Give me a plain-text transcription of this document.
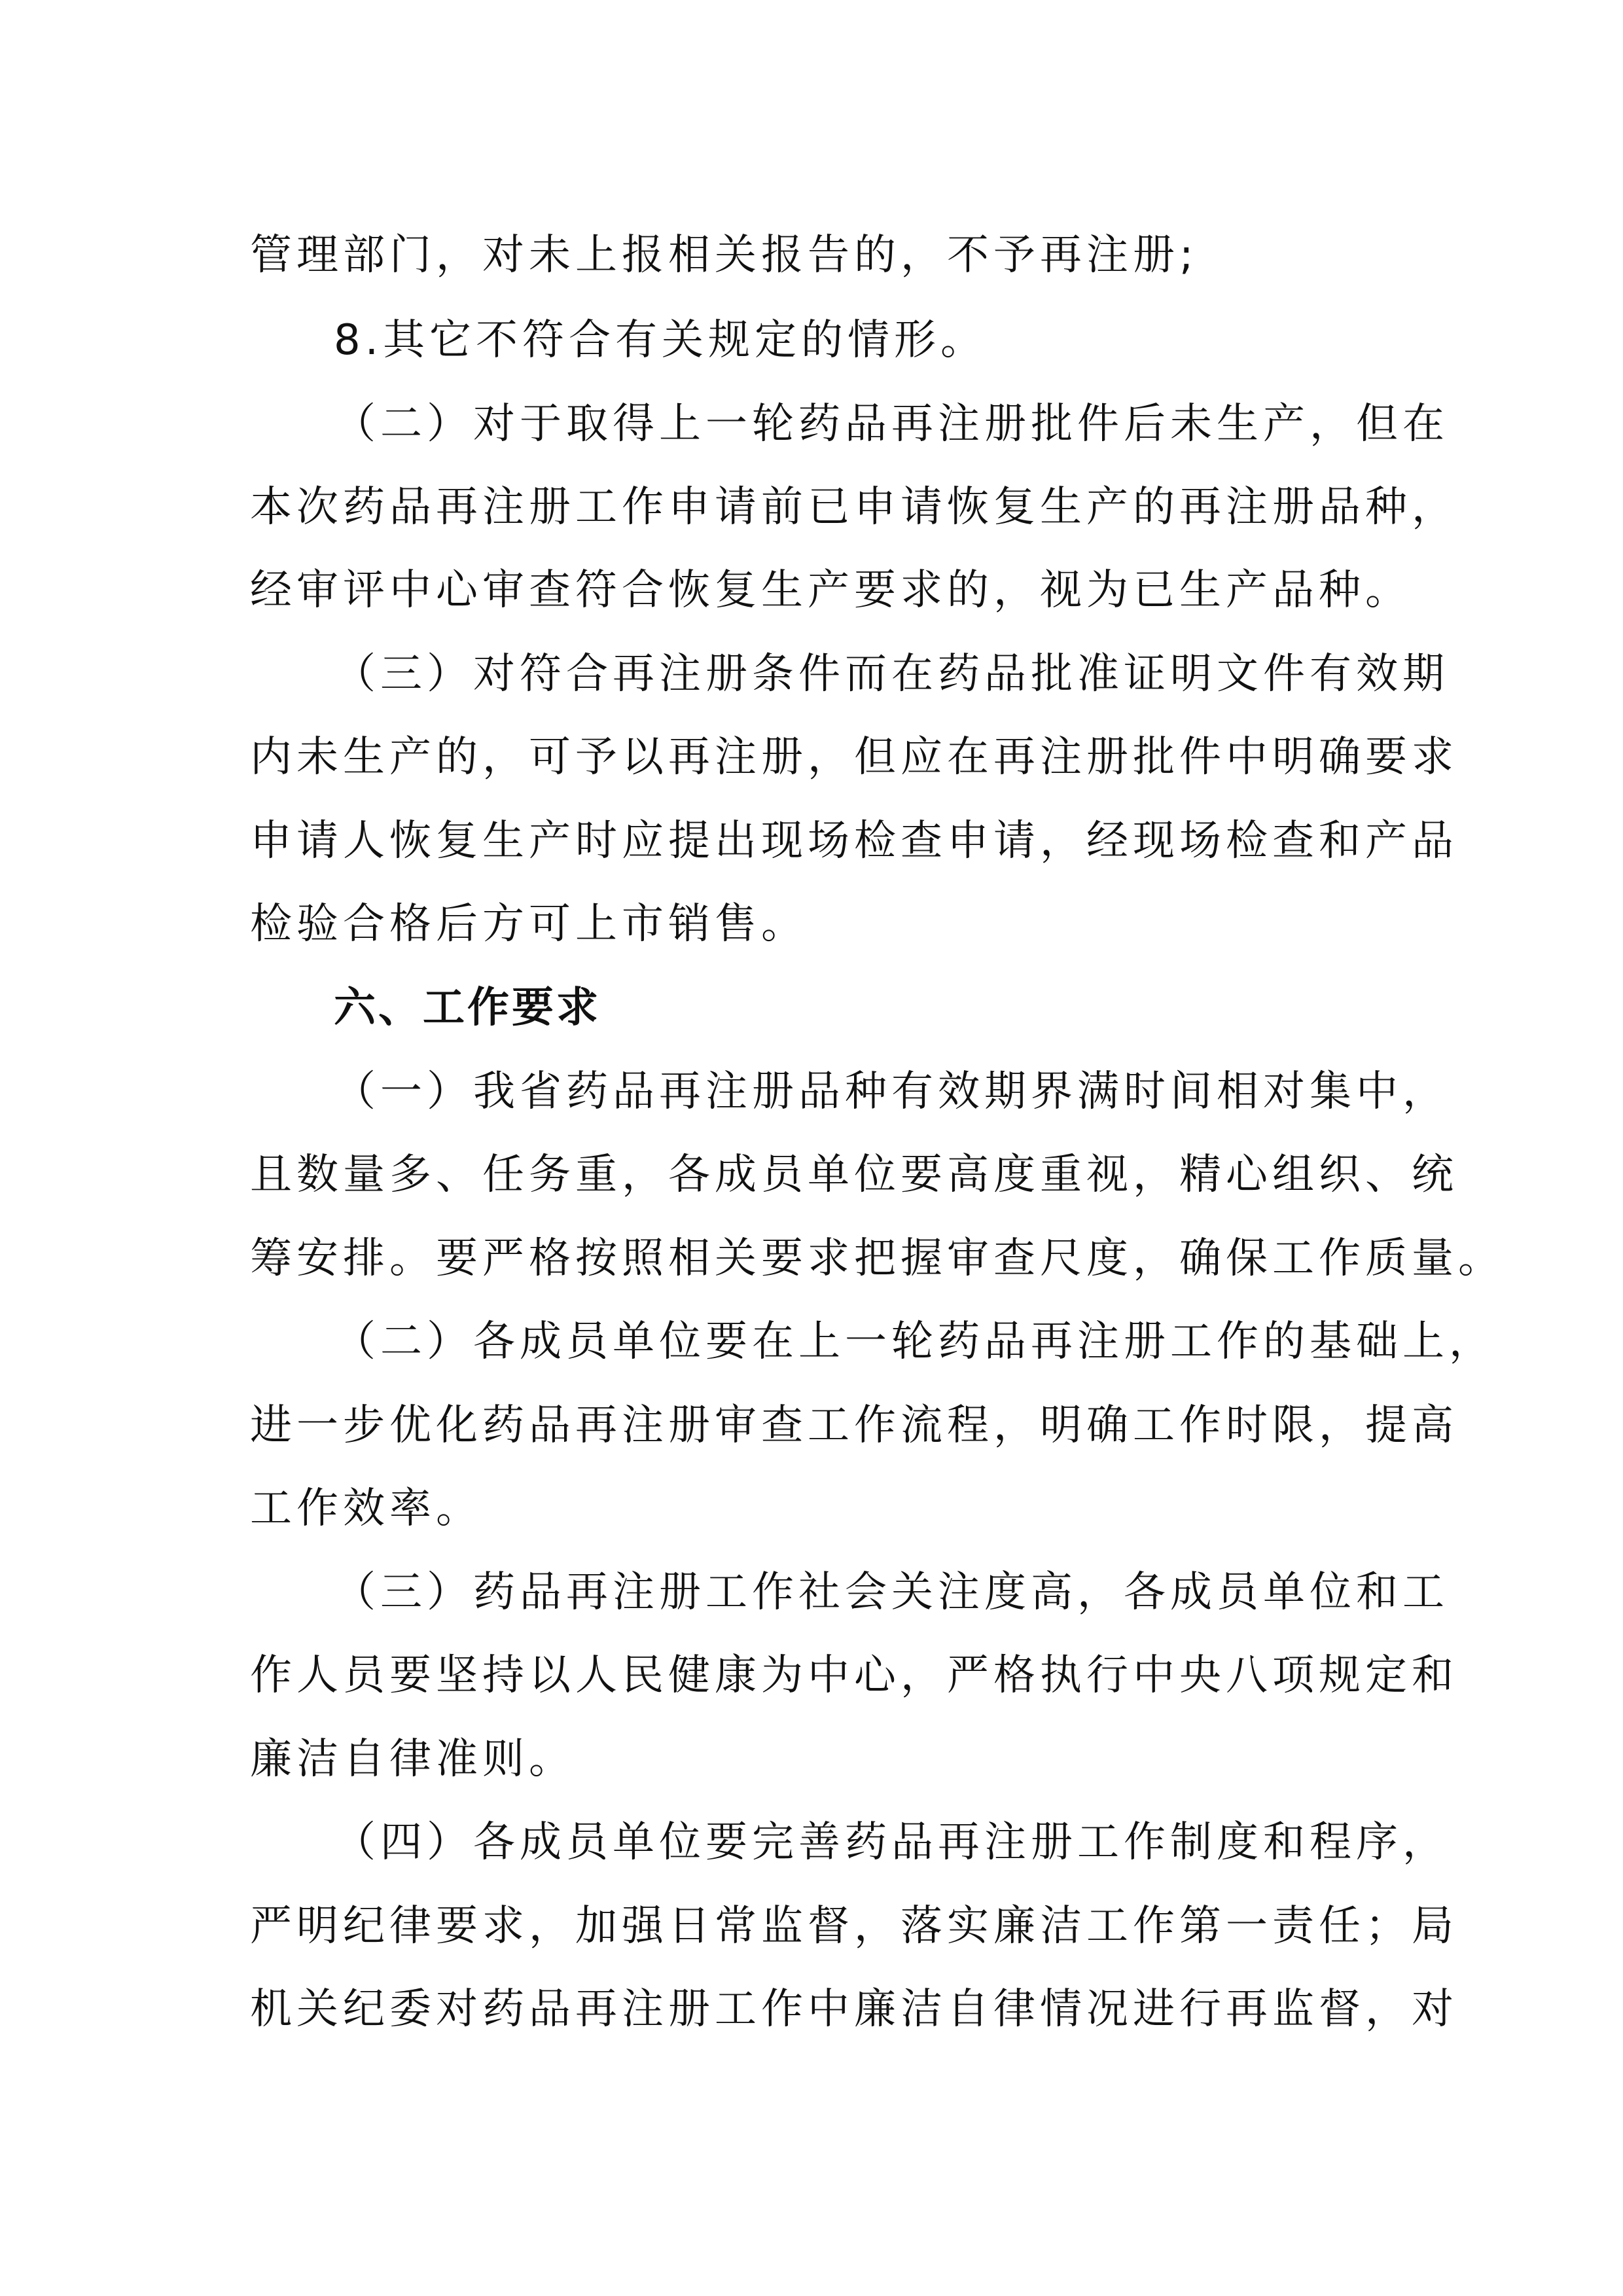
管理部门，对未上报相关报告的，不予再注册;
8.其它不符合有关规定的情形。
（二）对于取得上一轮药品再注册批件后未生产，但在
本次药品再注册工作申请前已申请恢复生产的再注册品种，
经审评中心审查符合恢复生产要求的，视为已生产品种。
（三）对符合再注册条件而在药品批准证明文件有效期
内未生产的，可予以再注册，但应在再注册批件中明确要求
申请人恢复生产时应提出现场检查申请，经现场检查和产品
检验合格后方可上市销售。
六、工作要求
（一）我省药品再注册品种有效期界满时间相对集中，
且数量多、任务重，各成员单位要高度重视，精心组织、统
筹安排。要严格按照相关要求把握审查尺度，确保工作质量。
（二）各成员单位要在上一轮药品再注册工作的基础上，
进一步优化药品再注册审查工作流程，明确工作时限，提高
工作效率。
（三）药品再注册工作社会关注度高，各成员单位和工
作人员要坚持以人民健康为中心，严格执行中央八项规定和
廉洁自律准则。
（四）各成员单位要完善药品再注册工作制度和程序，
严明纪律要求，加强日常监督，落实廉洁工作第一责任；局
机关纪委对药品再注册工作中廉洁自律情况进行再监督，对
